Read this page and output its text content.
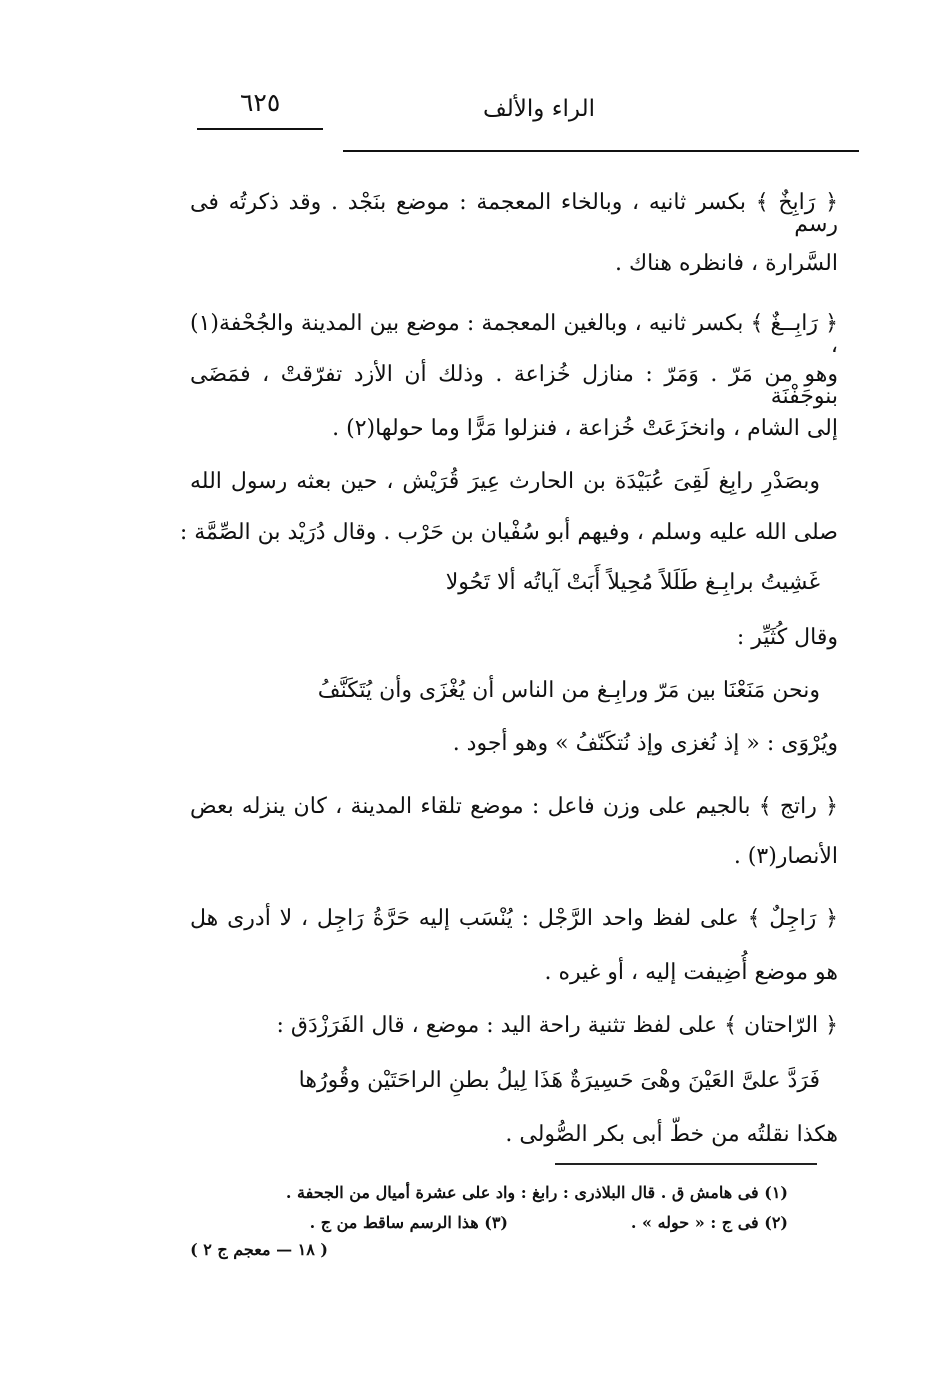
الراء والألف
٦٢٥
﴿ رَابِخٌ ﴾ بكسر ثانيه ، وبالخاء المعجمة : موضع بنَجْد . وقد ذكرتُه فى رسم
السَّرارة ، فانظره هناك .
﴿ رَابِــغٌ ﴾ بكسر ثانيه ، وبالغين المعجمة : موضع بين المدينة والجُحْفة(١) ،
وهو من مَرّ . وَمَرّ : منازل خُزاعة . وذلك أن الأزد تفرّقتْ ، فمَضَى بنوجَفْنَة
إلى الشام ، وانخزَعَتْ خُزاعة ، فنزلوا مَرًّا وما حولها(٢) .
وبصَدْرِ رابِغ لَقِىَ عُبَيْدَة بن الحارث عِيرَ قُرَيْش ، حين بعثه رسول الله
صلى الله عليه وسلم ، وفيهم أبو سُفْيان بن حَرْب . وقال دُرَيْد بن الصِّمَّة :
غَشِيتُ برابِـغ طَلَلاً مُحِيلاً أَبَتْ آياتُه ألا تَحُولا
وقال كُثَيِّر :
ونحن مَنَعْنَا بين مَرّ ورابِـغ من الناس أن يُغْزَى وأن يُتَكَنَّفُ
ويُرْوَى : « إذ نُغزى وإذ نُتكَنّفُ » وهو أجود .
﴿ راتج ﴾ بالجيم على وزن فاعل : موضع تلقاء المدينة ، كان ينزله بعض
الأنصار(٣) .
﴿ رَاجِلٌ ﴾ على لفظ واحد الرَّجْل : يُنْسَب إليه حَرَّةُ رَاجِل ، لا أدرى هل
هو موضع أُضِيفت إليه ، أو غيره .
﴿ الرّاحتان ﴾ على لفظ تثنية راحة اليد : موضع ، قال الفَرَزْدَق :
فَرَدَّ علىَّ العَيْنَ وهْىَ حَسِيرَةٌ هَذَا لِيلُ بطنِ الراحَتَيْن وقُورُها
هكذا نقلتُه من خطّ أبى بكر الصُّولى .
(١) فى هامش ق . قال البلاذرى : رابغ : واد على عشرة أميال من الجحفة .
(٢) فى ج : « حوله » .
(٣) هذا الرسم ساقط من ج .
( ١٨ — معجم ج ٢ )
